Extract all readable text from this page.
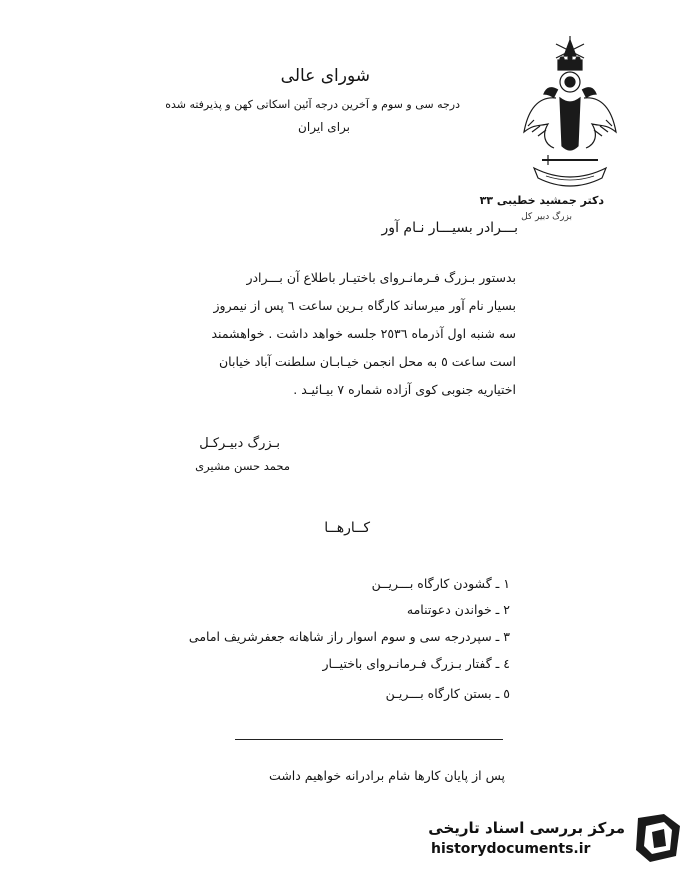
شورای عالی
درجه سی و سوم و آخرین درجه آئین اسکاتی کهن و پذیرفته شده
برای ایران
دکتر جمشید خطیبی ۳۳
بزرگ دبیر کل
بـــرادر بسیـــار نـام آور
بدستور بـزرگ فـرمانـروای باختیـار باطلاع آن بـــرادر
بسیار نام آور میرساند کارگاه بـرین ساعت ٦ پس از نیمروز
سه شنبه اول آذرماه ٢٥٣٦ جلسه خواهد داشت . خواهشمند
است ساعت ٥ به محل انجمن خیـابـان سلطنت آباد خیابان
اختیاریه جنوبی کوی آزاده شماره ٧ بیـائیـد .
بـزرگ دبیـرکـل
محمد حسن مشیری
کــارهــا
۱ ـ گشودن کارگاه بـــریــن
۲ ـ خواندن دعوتنامه
۳ ـ سپردرجه سی و سوم اسوار راز شاهانه جعفرشریف امامی
٤ ـ گفتار بـزرگ فـرمانـروای باختیــار
٥ ـ بستن کارگاه بـــریـن
پس از پایان کارها شام برادرانه خواهیم داشت
مرکز بررسی اسناد تاریخی
historydocuments.ir
